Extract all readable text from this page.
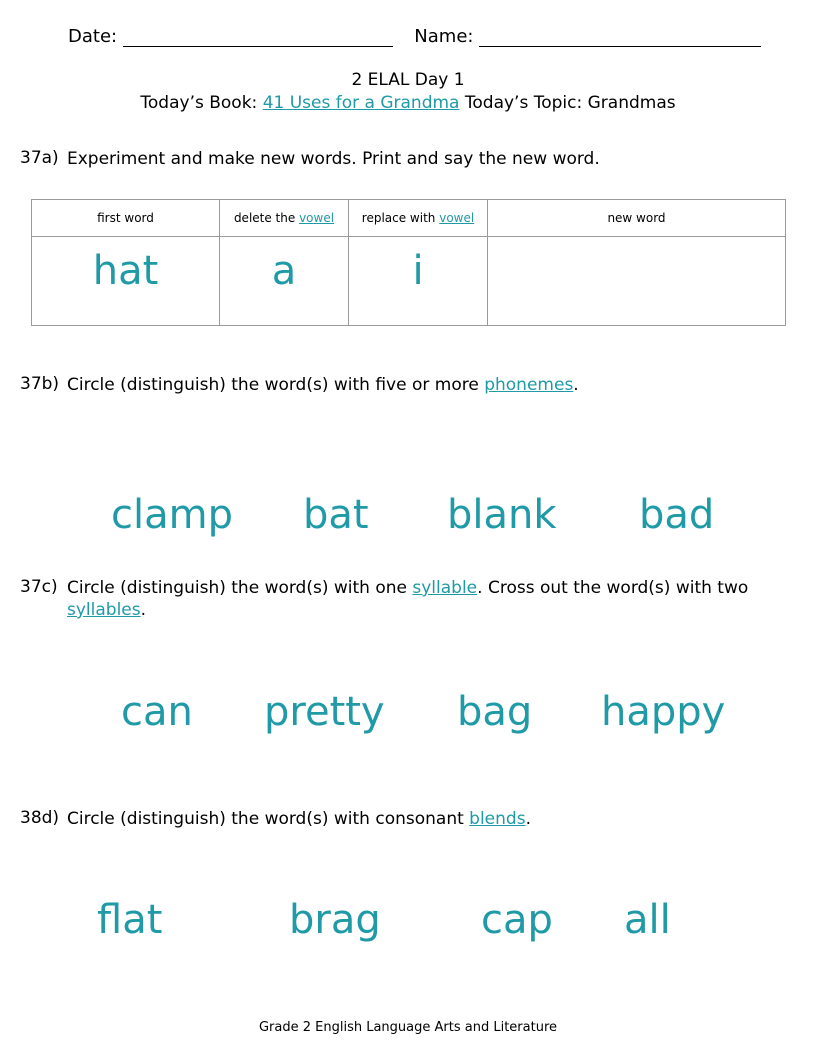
Date:	Name:
2 ELAL Day 1
Today’s Book: 41 Uses for a Grandma Today’s Topic: Grandmas
37a) Experiment and make new words. Print and say the new word.
first word	delete the vowel	replace with vowel	new word

hat	a	i	

37b) Circle (distinguish) the word(s) with five or more phonemes.
clamp bat blank bad
37c) Circle (distinguish) the word(s) with one syllable. Cross out the word(s) with two syllables.
can pretty bag happy
38d) Circle (distinguish) the word(s) with consonant blends.
flat	brag	cap all
Grade 2 English Language Arts and Literature
